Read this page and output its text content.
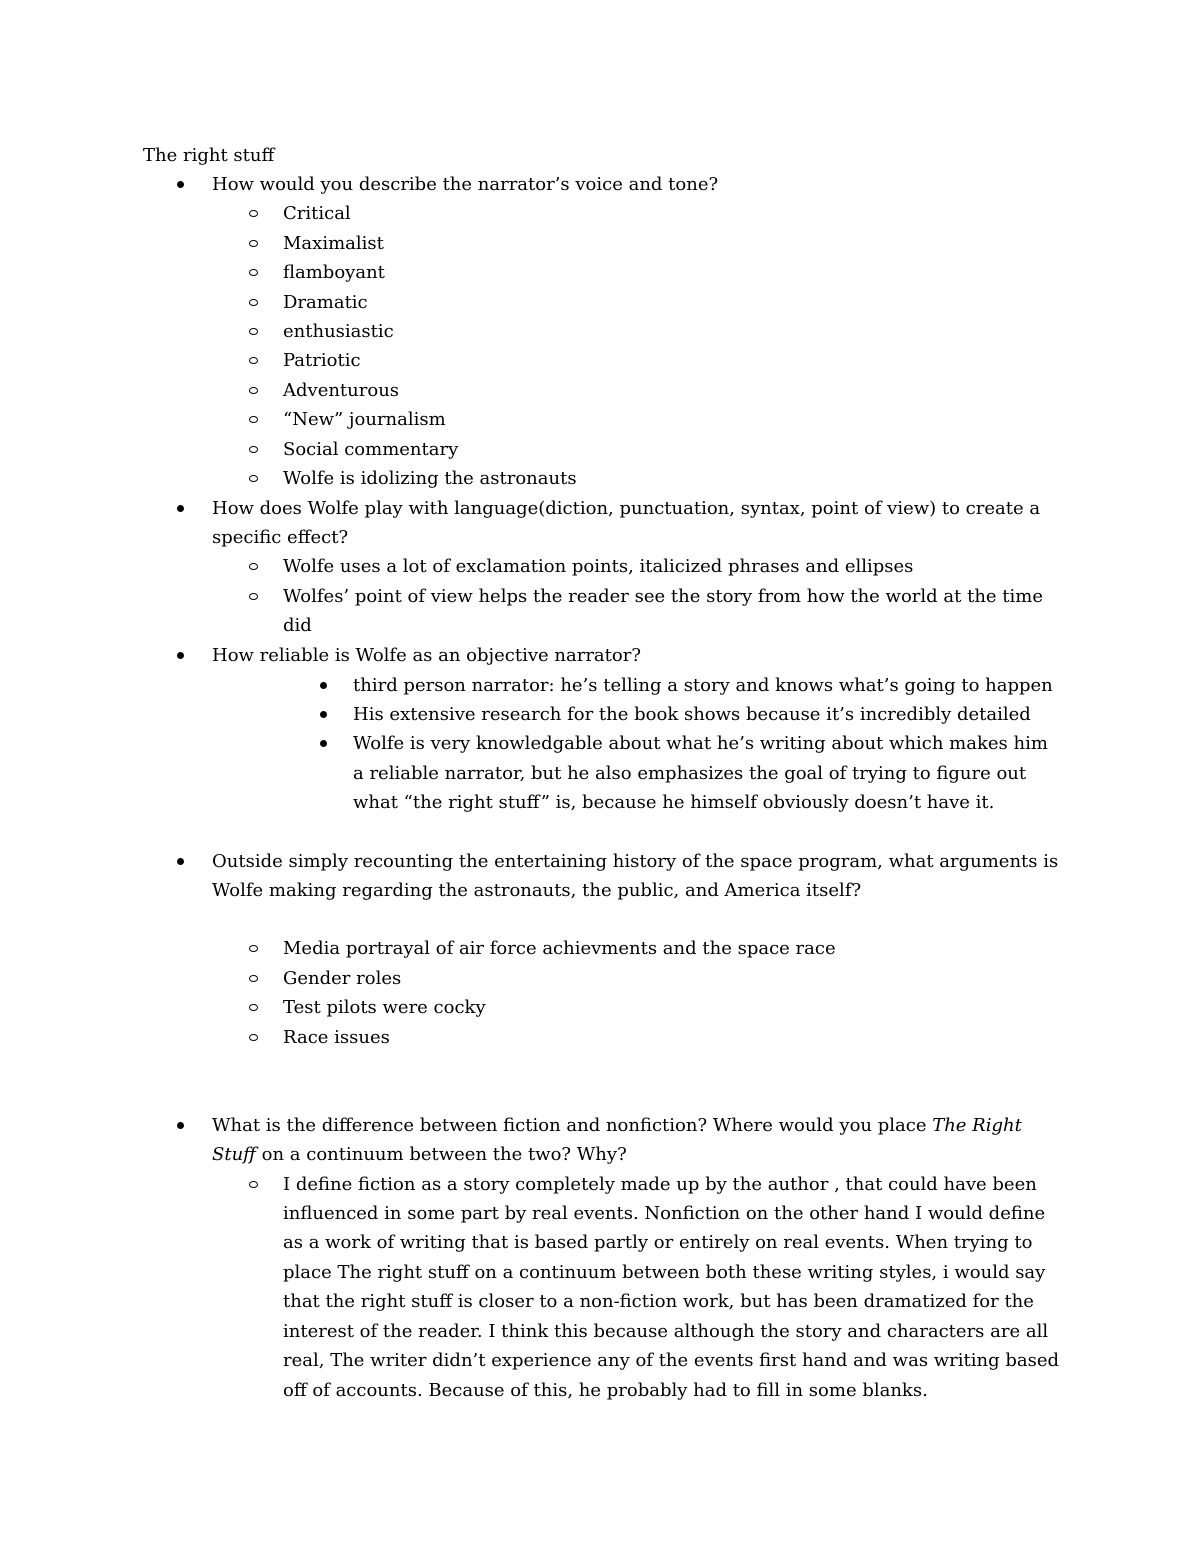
The right stuff
How would you describe the narrator’s voice and tone?
Critical
Maximalist
flamboyant
Dramatic
enthusiastic
Patriotic
Adventurous
“New” journalism
Social commentary
Wolfe is idolizing the astronauts
How does Wolfe play with language(diction, punctuation, syntax, point of view) to create a
specific effect?
Wolfe uses a lot of exclamation points, italicized phrases and ellipses
Wolfes’ point of view helps the reader see the story from how the world at the time
did
How reliable is Wolfe as an objective narrator?
third person narrator: he’s telling a story and knows what’s going to happen
His extensive research for the book shows because it’s incredibly detailed
Wolfe is very knowledgable about what he’s writing about which makes him
a reliable narrator, but he also emphasizes the goal of trying to figure out
what “the right stuff” is, because he himself obviously doesn’t have it.
Outside simply recounting the entertaining history of the space program, what arguments is
Wolfe making regarding the astronauts, the public, and America itself?
Media portrayal of air force achievments and the space race
Gender roles
Test pilots were cocky
Race issues
What is the difference between fiction and nonfiction? Where would you place The Right
Stuff on a continuum between the two? Why?
I define fiction as a story completely made up by the author , that could have been
influenced in some part by real events. Nonfiction on the other hand I would define
as a work of writing that is based partly or entirely on real events. When trying to
place The right stuff on a continuum between both these writing styles, i would say
that the right stuff is closer to a non-fiction work, but has been dramatized for the
interest of the reader. I think this because although the story and characters are all
real, The writer didn’t experience any of the events first hand and was writing based
off of accounts. Because of this, he probably had to fill in some blanks.
